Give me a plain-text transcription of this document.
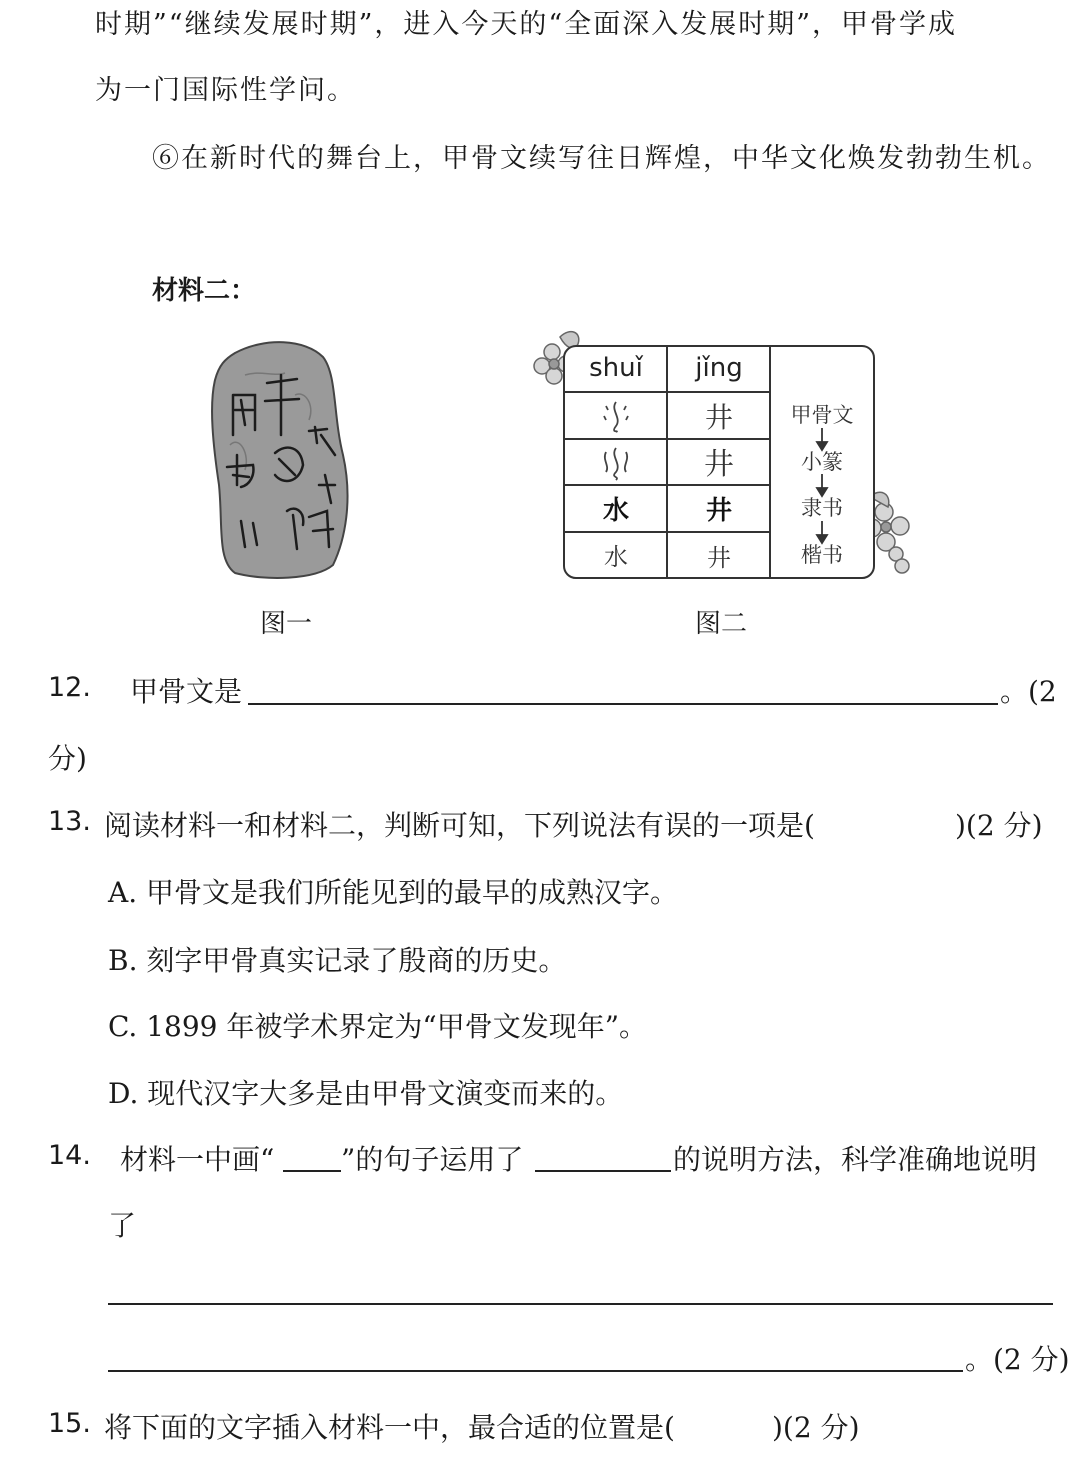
时期”“继续发展时期”，进入今天的“全面深入发展时期”，甲骨学成
为一门国际性学问。
⑥在新时代的舞台上，甲骨文续写往日辉煌，中华文化焕发勃勃生机。
材料二：
图一
shuǐ jǐng
井
井
水	井
水	井
甲骨文
小篆
隶书
楷书
图二
12. 甲骨文是	。(2
分)
13. 阅读材料一和材料二，判断可知，下列说法有误的一项是(	)(2 分)
A. 甲骨文是我们所能见到的最早的成熟汉字。
B. 刻字甲骨真实记录了殷商的历史。
C. 1899 年被学术界定为“甲骨文发现年”。
D. 现代汉字大多是由甲骨文演变而来的。
14. 材料一中画“ ”的句子运用了	的说明方法，科学准确地说明
了
。(2 分)
15. 将下面的文字插入材料一中，最合适的位置是(	)(2 分)
